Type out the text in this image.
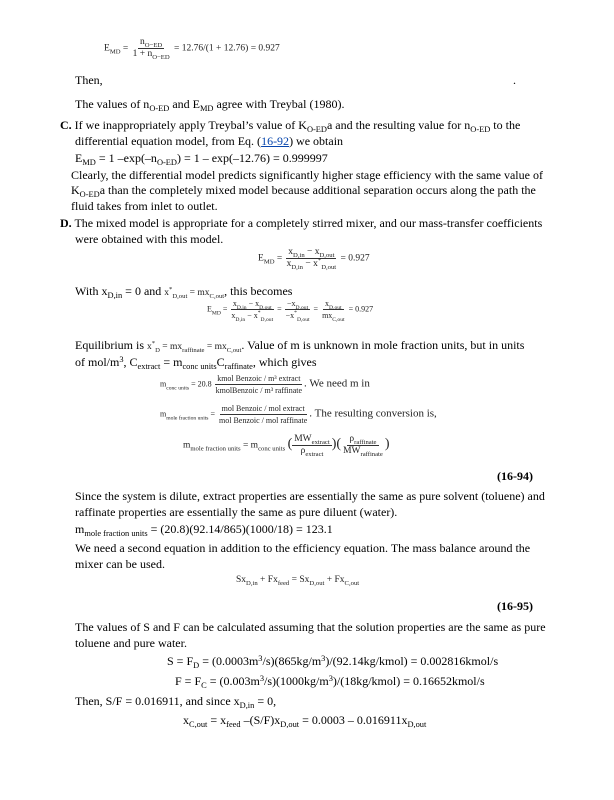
$E_{MD} = \frac{n_{O-ED}}{1 + n_{O-ED}} = 12.76/(1 + 12.76) = 0.927$
Then,	.
The values of $n_{O-ED}$ and $E_{MD}$ agree with Treybal (1980).
C. If we inappropriately apply Treybal’s value of $K_{O-ED}a$ and the resulting value for $n_{O-ED}$ to the
differential equation model, from Eq. (16-92) we obtain
$E_{MD} = 1$ $-\exp(-n_{O-ED}) = 1 - \exp(-12.76) = 0.999997$
Clearly, the differential model predicts significantly higher stage efficiency with the same value of
$K_{O-ED}a$ than the completely mixed model because additional separation occurs along the path the
fluid takes from inlet to outlet.
D. The mixed model is appropriate for a completely stirred mixer, and our mass-transfer coefficients
were obtained with this model.
$E_{MD} = \frac{x_{D,in} - x_{D,out}}{x_{D,in} - x^*_{D,out}} = 0.927$
With $x_{D,in} = 0$ and $x^*_{D,out} = mx_{C,out}$, this becomes
$E_{MD} = \frac{x_{D,in} - x_{D,out}}{x_{D,in} - x^*_{D,out}} = \frac{-x_{D,out}}{-x^*_{D,out}} = \frac{x_{D,out}}{mx_{C,out}} = 0.927$
Equilibrium is $x^*_D = mx_{raffinate} = mx_{C,out}$. Value of m is unknown in mole fraction units, but in units
of mol/$m^3$, $C_{extract} = m_{conc units}C_{raffinate}$, which gives
$m_{conc units} = 20.8 \frac{\text{kmol Benzoic / m³ extract}}{\text{kmolBenzoic / m³ raffinate}}$ . We need m in
$m_{mole fraction units} = \frac{\text{mol Benzoic / mol extract}}{\text{mol Benzoic / mol raffinate}}$ . The resulting conversion is,
$m_{mole fraction units} = m_{conc units}$ ( $\frac{MW_{extract}}{\rho_{extract}}$ )( $\frac{\rho_{raffinate}}{MW_{raffinate}}$ )
(16-94)
Since the system is dilute, extract properties are essentially the same as pure solvent (toluene) and
raffinate properties are essentially the same as pure diluent (water).
$m_{mole fraction units} = (20.8)(92.14/865)(1000/18) = 123.1$
We need a second equation in addition to the efficiency equation. The mass balance around the
mixer can be used.
$Sx_{D,in} + Fx_{feed} = Sx_{D,out} + Fx_{C,out}$
(16-95)
The values of S and F can be calculated assuming that the solution properties are the same as pure
toluene and pure water.
$S = F_D$ = $(0.0003m^3/s)(865kg/m^3)/(92.14kg/kmol)$ = 0.002816kmol/s
$F = F_C$ = $(0.003m^3/s)(1000kg/m^3)/(18kg/kmol)$ = 0.16652kmol/s
Then, S/F = 0.016911, and since $x_{D,in} = 0$,
$x_{C,out} = x_{feed}$ $-(S/F)x_{D,out} = 0.0003 - 0.016911x_{D,out}$
